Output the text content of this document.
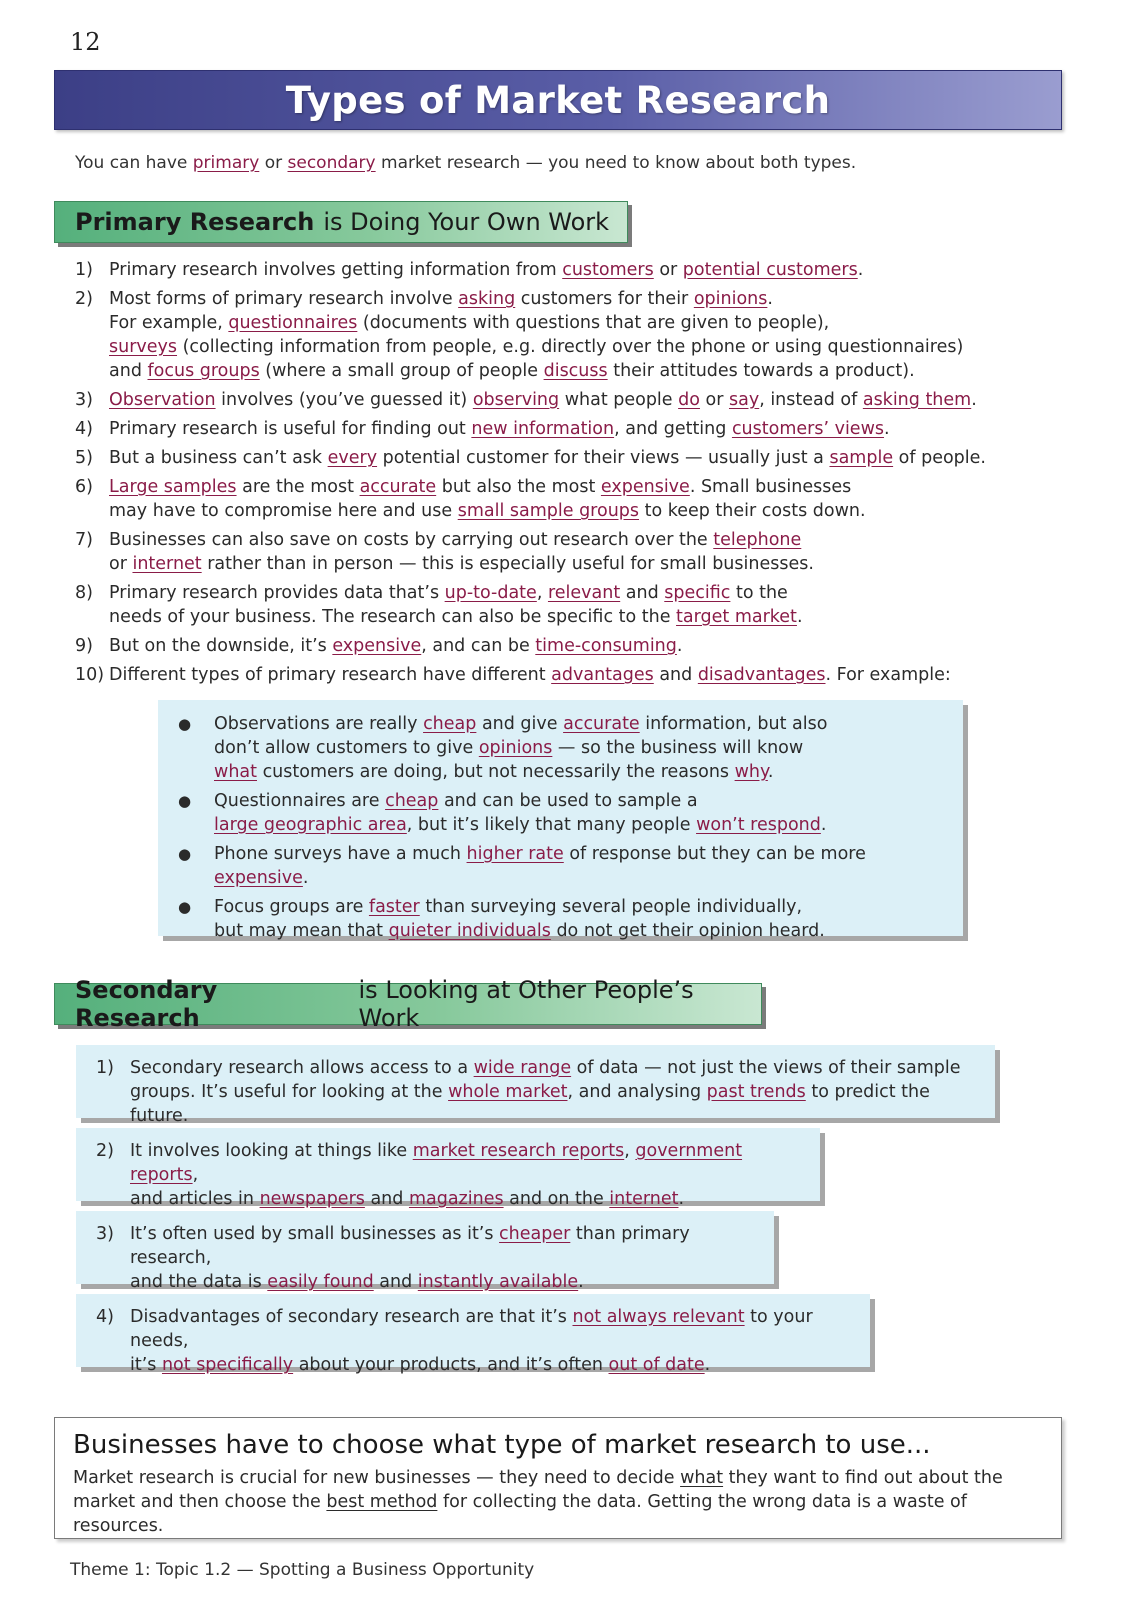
12
Types of Market Research
You can have primary or secondary market research — you need to know about both types.
Primary Research is Doing Your Own Work
1) Primary research involves getting information from customers or potential customers.
2) Most forms of primary research involve asking customers for their opinions.
For example, questionnaires (documents with questions that are given to people),
surveys (collecting information from people, e.g. directly over the phone or using questionnaires)
and focus groups (where a small group of people discuss their attitudes towards a product).
3) Observation involves (you’ve guessed it) observing what people do or say, instead of asking them.
4) Primary research is useful for finding out new information, and getting customers’ views.
5) But a business can’t ask every potential customer for their views — usually just a sample of people.
6) Large samples are the most accurate but also the most expensive. Small businesses
may have to compromise here and use small sample groups to keep their costs down.
7) Businesses can also save on costs by carrying out research over the telephone
or internet rather than in person — this is especially useful for small businesses.
8) Primary research provides data that’s up-to-date, relevant and specific to the
needs of your business. The research can also be specific to the target market.
9) But on the downside, it’s expensive, and can be time-consuming.
10) Different types of primary research have different advantages and disadvantages. For example:
●	Observations are really cheap and give accurate information, but also
don’t allow customers to give opinions — so the business will know
what customers are doing, but not necessarily the reasons why.
●	Questionnaires are cheap and can be used to sample a
large geographic area, but it’s likely that many people won’t respond.
●	Phone surveys have a much higher rate of response but they can be more expensive.
●	Focus groups are faster than surveying several people individually,
but may mean that quieter individuals do not get their opinion heard.
Secondary Research
is Looking at Other People’s Work
1) Secondary research allows access to a wide range of data — not just the views of their sample
groups. It’s useful for looking at the whole market, and analysing past trends to predict the future.
2) It involves looking at things like market research reports, government reports,
and articles in newspapers and magazines and on the internet.
3) It’s often used by small businesses as it’s cheaper than primary research,
and the data is easily found and instantly available.
4) Disadvantages of secondary research are that it’s not always relevant to your needs,
it’s not specifically about your products, and it’s often out of date.
Businesses have to choose what type of market research to use...
Market research is crucial for new businesses — they need to decide what they want to find out about the
market and then choose the best method for collecting the data. Getting the wrong data is a waste of resources.
Theme 1: Topic 1.2 — Spotting a Business Opportunity
